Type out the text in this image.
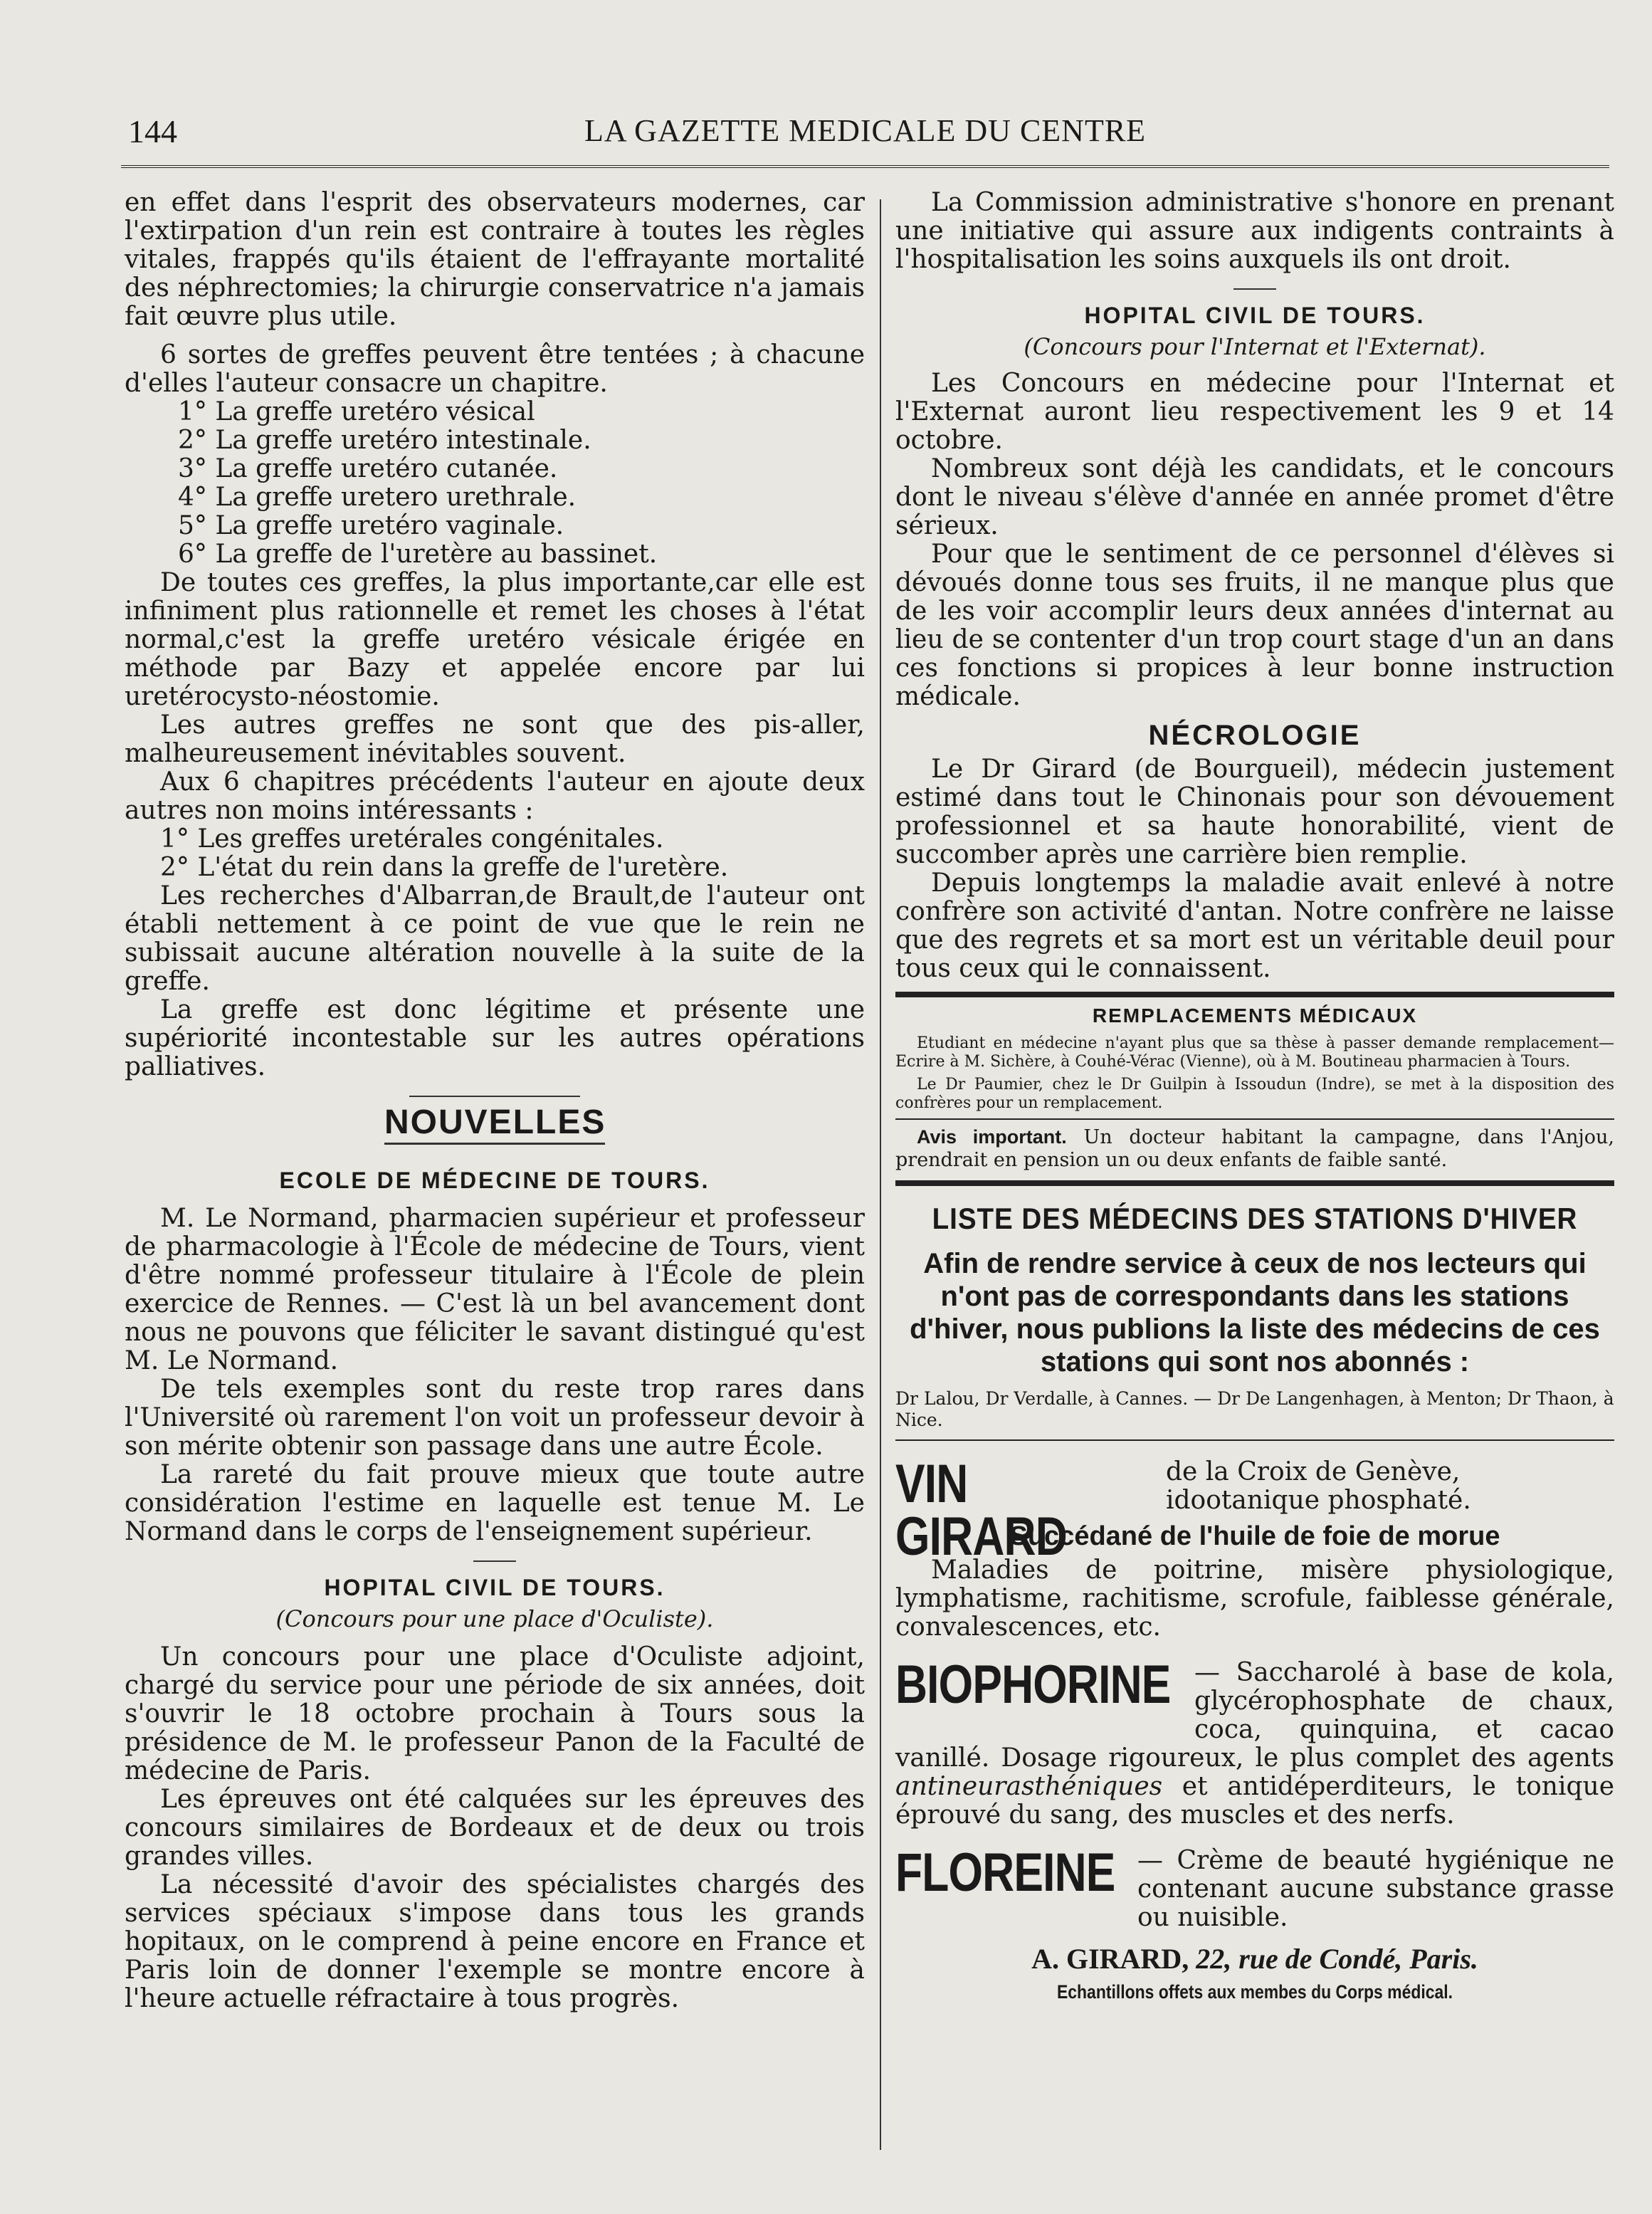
144	LA GAZETTE MEDICALE DU CENTRE

en effet dans l'esprit des observateurs modernes, car l'extirpation d'un rein est contraire à toutes les règles vitales, frappés qu'ils étaient de l'effrayante mortalité des néphrectomies; la chirurgie conservatrice n'a jamais fait œuvre plus utile.

6 sortes de greffes peuvent être tentées ; à chacune d'elles l'auteur consacre un chapitre.

1° La greffe uretéro vésical
2° La greffe uretéro intestinale.
3° La greffe uretéro cutanée.
4° La greffe uretero urethrale.
5° La greffe uretéro vaginale.
6° La greffe de l'uretère au bassinet.

De toutes ces greffes, la plus importante,car elle est infiniment plus rationnelle et remet les choses à l'état normal,c'est la greffe uretéro vésicale érigée en méthode par Bazy et appelée encore par lui uretérocysto-néostomie.

Les autres greffes ne sont que des pis-aller, malheureusement inévitables souvent.

Aux 6 chapitres précédents l'auteur en ajoute deux autres non moins intéressants :

1° Les greffes uretérales congénitales.
2° L'état du rein dans la greffe de l'uretère.

Les recherches d'Albarran,de Brault,de l'auteur ont établi nettement à ce point de vue que le rein ne subissait aucune altération nouvelle à la suite de la greffe.

La greffe est donc légitime et présente une supériorité incontestable sur les autres opérations palliatives.

NOUVELLES
ECOLE DE MÉDECINE DE TOURS.

M. Le Normand, pharmacien supérieur et professeur de pharmacologie à l'École de médecine de Tours, vient d'être nommé professeur titulaire à l'École de plein exercice de Rennes. — C'est là un bel avancement dont nous ne pouvons que féliciter le savant distingué qu'est M. Le Normand.

De tels exemples sont du reste trop rares dans l'Université où rarement l'on voit un professeur devoir à son mérite obtenir son passage dans une autre École.

La rareté du fait prouve mieux que toute autre considération l'estime en laquelle est tenue M. Le Normand dans le corps de l'enseignement supérieur.

HOPITAL CIVIL DE TOURS.
(Concours pour une place d'Oculiste).

Un concours pour une place d'Oculiste adjoint, chargé du service pour une période de six années, doit s'ouvrir le 18 octobre prochain à Tours sous la présidence de M. le professeur Panon de la Faculté de médecine de Paris.

Les épreuves ont été calquées sur les épreuves des concours similaires de Bordeaux et de deux ou trois grandes villes.

La nécessité d'avoir des spécialistes chargés des services spéciaux s'impose dans tous les grands hopitaux, on le comprend à peine encore en France et Paris loin de donner l'exemple se montre encore à l'heure actuelle réfractaire à tous progrès.

La Commission administrative s'honore en prenant une initiative qui assure aux indigents contraints à l'hospitalisation les soins auxquels ils ont droit.

HOPITAL CIVIL DE TOURS.
(Concours pour l'Internat et l'Externat).

Les Concours en médecine pour l'Internat et l'Externat auront lieu respectivement les 9 et 14 octobre.

Nombreux sont déjà les candidats, et le concours dont le niveau s'élève d'année en année promet d'être sérieux.

Pour que le sentiment de ce personnel d'élèves si dévoués donne tous ses fruits, il ne manque plus que de les voir accomplir leurs deux années d'internat au lieu de se contenter d'un trop court stage d'un an dans ces fonctions si propices à leur bonne instruction médicale.

NÉCROLOGIE

Le Dr Girard (de Bourgueil), médecin justement estimé dans tout le Chinonais pour son dévouement professionnel et sa haute honorabilité, vient de succomber après une carrière bien remplie.

Depuis longtemps la maladie avait enlevé à notre confrère son activité d'antan. Notre confrère ne laisse que des regrets et sa mort est un véritable deuil pour tous ceux qui le connaissent.

REMPLACEMENTS MÉDICAUX

Etudiant en médecine n'ayant plus que sa thèse à passer demande remplacement— Ecrire à M. Sichère, à Couhé-Vérac (Vienne), où à M. Boutineau pharmacien à Tours.

Le Dr Paumier, chez le Dr Guilpin à Issoudun (Indre), se met à la disposition des confrères pour un remplacement.

Avis important. Un docteur habitant la campagne, dans l'Anjou, prendrait en pension un ou deux enfants de faible santé.

LISTE DES MÉDECINS DES STATIONS D'HIVER
Afin de rendre service à ceux de nos lecteurs qui n'ont pas de correspondants dans les stations d'hiver, nous publions la liste des médecins de ces stations qui sont nos abonnés :
Dr Lalou, Dr Verdalle, à Cannes. — Dr De Langenhagen, à Menton; Dr Thaon, à Nice.
VIN GIRARD
de la Croix de Genève, idootanique phosphaté.
Succédané de l'huile de foie de morue

Maladies de poitrine, misère physiologique, lymphatisme, rachitisme, scrofule, faiblesse générale, convalescences, etc.

BIOPHORINE — Saccharolé à base de kola, glycérophosphate de chaux, coca, quinquina, et cacao vanillé. Dosage rigoureux, le plus complet des agents antineurasthéniques et antidéperditeurs, le tonique éprouvé du sang, des muscles et des nerfs.
FLOREINE — Crème de beauté hygiénique ne contenant aucune substance grasse ou nuisible.
A. GIRARD, 22, rue de Condé, Paris.
Echantillons offets aux membes du Corps médical.
